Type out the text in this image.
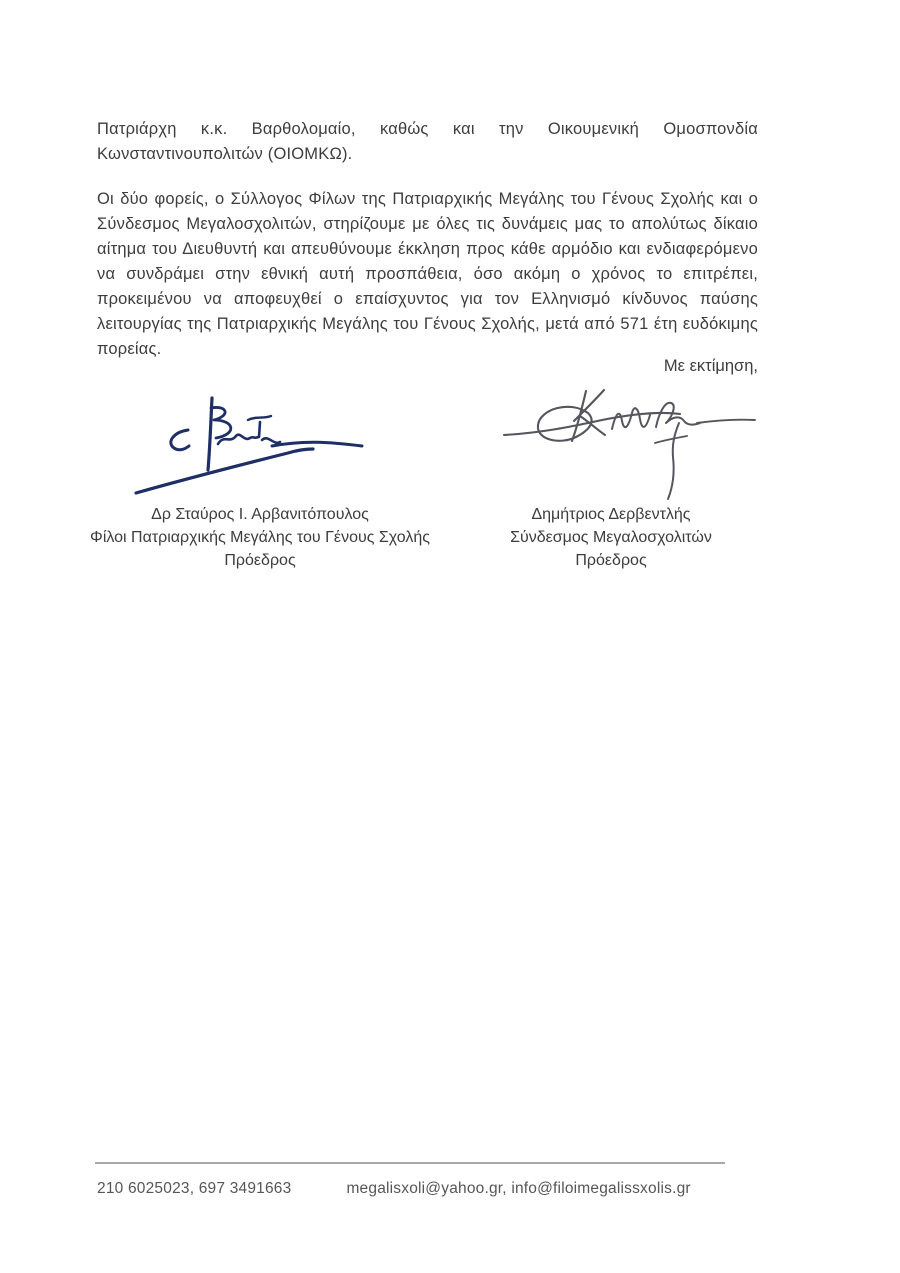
Πατριάρχη κ.κ. Βαρθολομαίο, καθώς και την Οικουμενική Ομοσπονδία Κωνσταντινουπολιτών (ΟΙΟΜΚΩ).

Οι δύο φορείς, ο Σύλλογος Φίλων της Πατριαρχικής Μεγάλης του Γένους Σχολής και ο Σύνδεσμος Μεγαλοσχολιτών, στηρίζουμε με όλες τις δυνάμεις μας το απολύτως δίκαιο αίτημα του Διευθυντή και απευθύνουμε έκκληση προς κάθε αρμόδιο και ενδιαφερόμενο να συνδράμει στην εθνική αυτή προσπάθεια, όσο ακόμη ο χρόνος το επιτρέπει, προκειμένου να αποφευχθεί ο επαίσχυντος για τον Ελληνισμό κίνδυνος παύσης λειτουργίας της Πατριαρχικής Μεγάλης του Γένους Σχολής, μετά από 571 έτη ευδόκιμης πορείας.

Με εκτίμηση,
Δρ Σταύρος Ι. Αρβανιτόπουλος
Φίλοι Πατριαρχικής Μεγάλης του Γένους Σχολής
Πρόεδρος
Δημήτριος Δερβεντλής
Σύνδεσμος Μεγαλοσχολιτών
Πρόεδρος
210 6025023, 697 3491663	megalisxoli@yahoo.gr, info@filoimegalissxolis.gr
